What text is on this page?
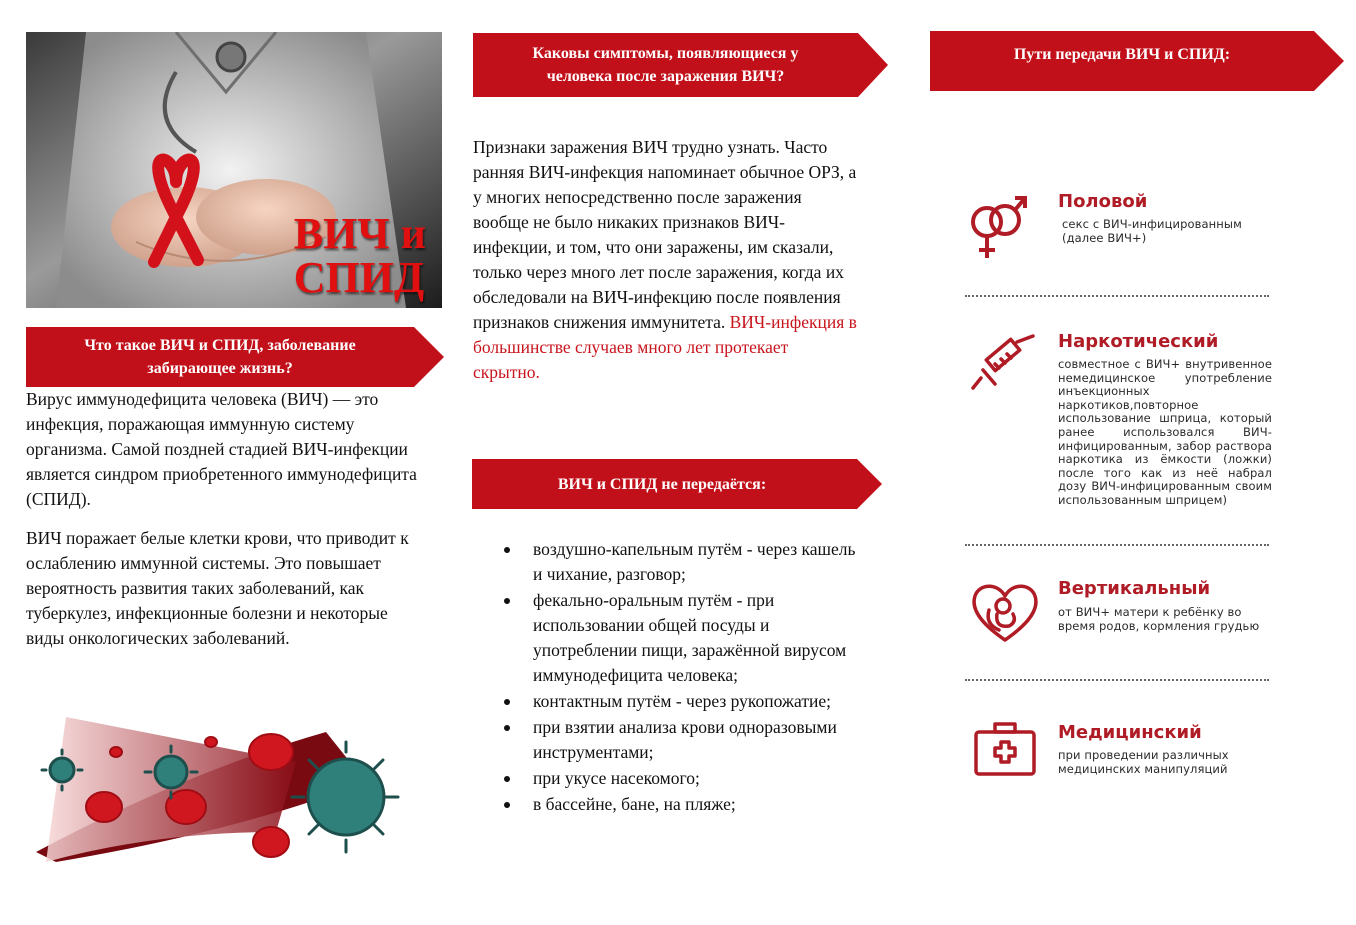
ВИЧ и
СПИД
Что такое ВИЧ и СПИД, заболевание забирающее жизнь?
Вирус иммунодефицита человека (ВИЧ) — это инфекция, поражающая иммунную систему организма. Самой поздней стадией ВИЧ-инфекции является синдром приобретенного иммунодефицита (СПИД).
ВИЧ поражает белые клетки крови, что приводит к ослаблению иммунной системы. Это повышает вероятность развития таких заболеваний, как туберкулез, инфекционные болезни и некоторые виды онкологических заболеваний.
Каковы симптомы, появляющиеся у человека после заражения ВИЧ?
Признаки заражения ВИЧ трудно узнать. Часто ранняя ВИЧ-инфекция напоминает обычное ОРЗ, а у многих непосредственно после заражения вообще не было никаких признаков ВИЧ-инфекции, и том, что они заражены, им сказали, только через много лет после заражения, когда их обследовали на ВИЧ-инфекцию после появления признаков снижения иммунитета. ВИЧ-инфекция в большинстве случаев много лет протекает скрытно.
ВИЧ и СПИД не передаётся:
воздушно-капельным путём - через кашель и чихание, разговор;
фекально-оральным путём - при использовании общей посуды и употреблении пищи, заражённой вирусом иммунодефицита человека;
контактным путём - через рукопожатие;
при взятии анализа крови одноразовыми инструментами;
при укусе насекомого;
в бассейне, бане, на пляже;
Пути передачи ВИЧ и СПИД:
Половой
секс с ВИЧ-инфицированным (далее ВИЧ+)
Наркотический
совместное с ВИЧ+ внутривенное немедицинское употребление инъекционных наркотиков,повторное использование шприца, который ранее использовался ВИЧ-инфицированным, забор раствора наркотика из ёмкости (ложки) после того как из неё набрал дозу ВИЧ-инфицированным своим использованным шприцем)
Вертикальный
от ВИЧ+ матери к ребёнку во время родов, кормления грудью
Медицинский
при проведении различных медицинских манипуляций
